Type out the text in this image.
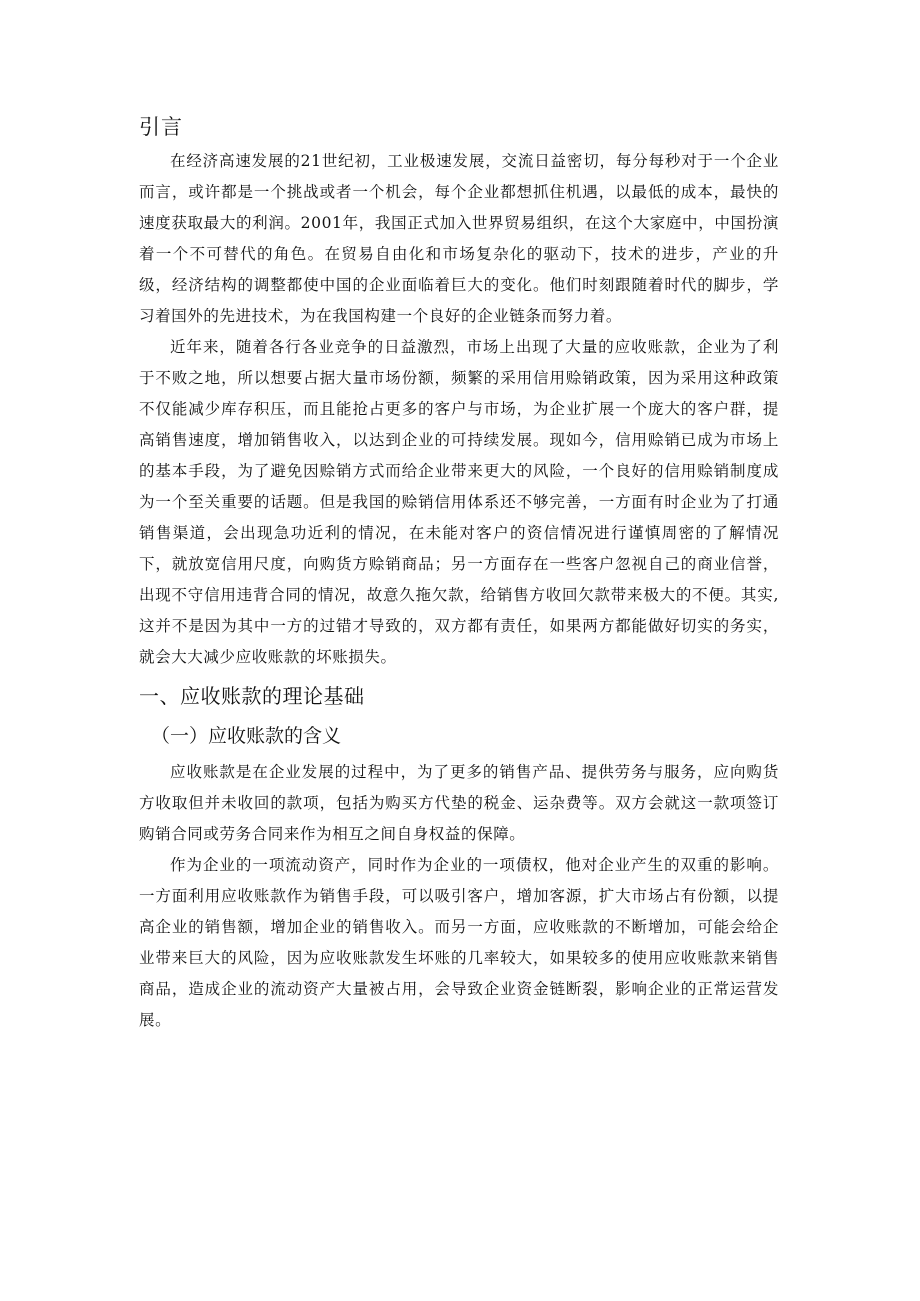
引言

在经济高速发展的21世纪初，工业极速发展，交流日益密切，每分每秒对于一个企业而言，或许都是一个挑战或者一个机会，每个企业都想抓住机遇，以最低的成本，最快的速度获取最大的利润。2001年，我国正式加入世界贸易组织，在这个大家庭中，中国扮演着一个不可替代的角色。在贸易自由化和市场复杂化的驱动下，技术的进步，产业的升级，经济结构的调整都使中国的企业面临着巨大的变化。他们时刻跟随着时代的脚步，学习着国外的先进技术，为在我国构建一个良好的企业链条而努力着。

近年来，随着各行各业竞争的日益激烈，市场上出现了大量的应收账款，企业为了利于不败之地，所以想要占据大量市场份额，频繁的采用信用赊销政策，因为采用这种政策不仅能减少库存积压，而且能抢占更多的客户与市场，为企业扩展一个庞大的客户群，提高销售速度，增加销售收入，以达到企业的可持续发展。现如今，信用赊销已成为市场上的基本手段，为了避免因赊销方式而给企业带来更大的风险，一个良好的信用赊销制度成为一个至关重要的话题。但是我国的赊销信用体系还不够完善，一方面有时企业为了打通销售渠道，会出现急功近利的情况，在未能对客户的资信情况进行谨慎周密的了解情况下，就放宽信用尺度，向购货方赊销商品；另一方面存在一些客户忽视自己的商业信誉，出现不守信用违背合同的情况，故意久拖欠款，给销售方收回欠款带来极大的不便。其实,这并不是因为其中一方的过错才导致的，双方都有责任，如果两方都能做好切实的务实，就会大大减少应收账款的坏账损失。

一、应收账款的理论基础
（一）应收账款的含义

应收账款是在企业发展的过程中，为了更多的销售产品、提供劳务与服务，应向购货方收取但并未收回的款项，包括为购买方代垫的税金、运杂费等。双方会就这一款项签订购销合同或劳务合同来作为相互之间自身权益的保障。

作为企业的一项流动资产，同时作为企业的一项债权，他对企业产生的双重的影响。一方面利用应收账款作为销售手段，可以吸引客户，增加客源，扩大市场占有份额，以提高企业的销售额，增加企业的销售收入。而另一方面，应收账款的不断增加，可能会给企业带来巨大的风险，因为应收账款发生坏账的几率较大，如果较多的使用应收账款来销售商品，造成企业的流动资产大量被占用，会导致企业资金链断裂，影响企业的正常运营发展。
